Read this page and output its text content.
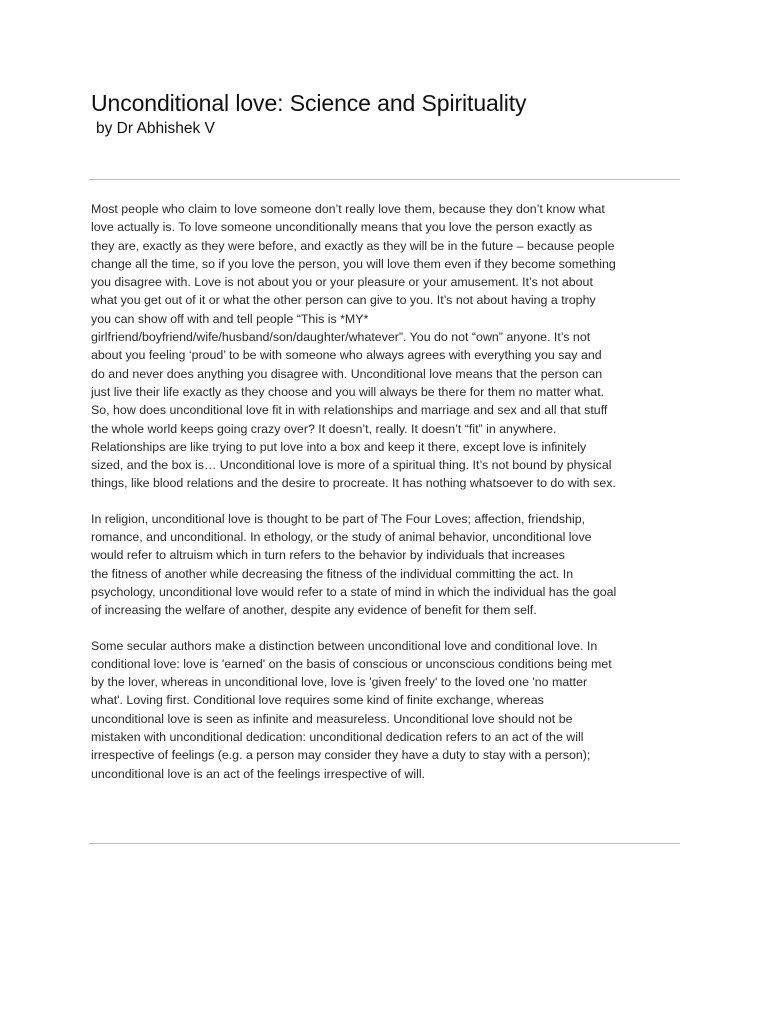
Unconditional love: Science and Spirituality
by Dr Abhishek V

Most people who claim to love someone don’t really love them, because they don’t know what
love actually is. To love someone unconditionally means that you love the person exactly as
they are, exactly as they were before, and exactly as they will be in the future – because people
change all the time, so if you love the person, you will love them even if they become something
you disagree with. Love is not about you or your pleasure or your amusement. It’s not about
what you get out of it or what the other person can give to you. It’s not about having a trophy
you can show off with and tell people “This is *MY*
girlfriend/boyfriend/wife/husband/son/daughter/whatever”. You do not “own” anyone. It’s not
about you feeling ‘proud’ to be with someone who always agrees with everything you say and
do and never does anything you disagree with. Unconditional love means that the person can
just live their life exactly as they choose and you will always be there for them no matter what.
So, how does unconditional love fit in with relationships and marriage and sex and all that stuff
the whole world keeps going crazy over? It doesn’t, really. It doesn’t “fit” in anywhere.
Relationships are like trying to put love into a box and keep it there, except love is infinitely
sized, and the box is… Unconditional love is more of a spiritual thing. It’s not bound by physical
things, like blood relations and the desire to procreate. It has nothing whatsoever to do with sex.

In religion, unconditional love is thought to be part of The Four Loves; affection, friendship,
romance, and unconditional. In ethology, or the study of animal behavior, unconditional love
would refer to altruism which in turn refers to the behavior by individuals that increases
the fitness of another while decreasing the fitness of the individual committing the act. In
psychology, unconditional love would refer to a state of mind in which the individual has the goal
of increasing the welfare of another, despite any evidence of benefit for them self.

Some secular authors make a distinction between unconditional love and conditional love. In
conditional love: love is 'earned' on the basis of conscious or unconscious conditions being met
by the lover, whereas in unconditional love, love is 'given freely' to the loved one 'no matter
what'. Loving first. Conditional love requires some kind of finite exchange, whereas
unconditional love is seen as infinite and measureless. Unconditional love should not be
mistaken with unconditional dedication: unconditional dedication refers to an act of the will
irrespective of feelings (e.g. a person may consider they have a duty to stay with a person);
unconditional love is an act of the feelings irrespective of will.
